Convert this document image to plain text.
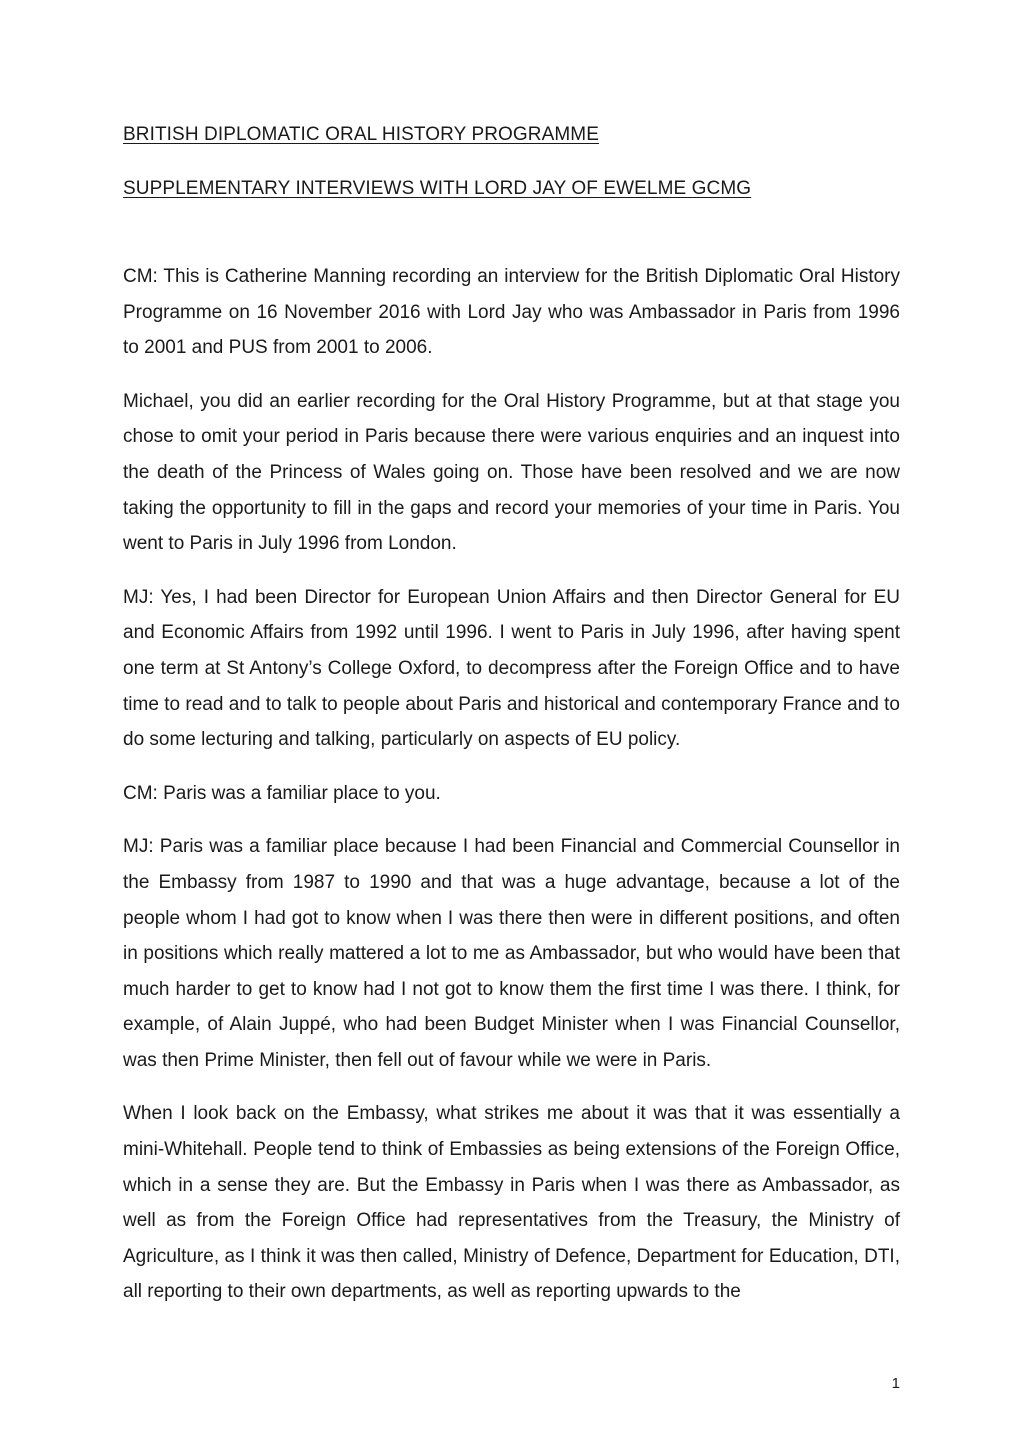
BRITISH DIPLOMATIC ORAL HISTORY PROGRAMME
SUPPLEMENTARY INTERVIEWS WITH LORD JAY OF EWELME GCMG

CM: This is Catherine Manning recording an interview for the British Diplomatic Oral History Programme on 16 November 2016 with Lord Jay who was Ambassador in Paris from 1996 to 2001 and PUS from 2001 to 2006.

Michael, you did an earlier recording for the Oral History Programme, but at that stage you chose to omit your period in Paris because there were various enquiries and an inquest into the death of the Princess of Wales going on. Those have been resolved and we are now taking the opportunity to fill in the gaps and record your memories of your time in Paris. You went to Paris in July 1996 from London.

MJ: Yes, I had been Director for European Union Affairs and then Director General for EU and Economic Affairs from 1992 until 1996. I went to Paris in July 1996, after having spent one term at St Antony’s College Oxford, to decompress after the Foreign Office and to have time to read and to talk to people about Paris and historical and contemporary France and to do some lecturing and talking, particularly on aspects of EU policy.

CM: Paris was a familiar place to you.

MJ: Paris was a familiar place because I had been Financial and Commercial Counsellor in the Embassy from 1987 to 1990 and that was a huge advantage, because a lot of the people whom I had got to know when I was there then were in different positions, and often in positions which really mattered a lot to me as Ambassador, but who would have been that much harder to get to know had I not got to know them the first time I was there. I think, for example, of Alain Juppé, who had been Budget Minister when I was Financial Counsellor, was then Prime Minister, then fell out of favour while we were in Paris.

When I look back on the Embassy, what strikes me about it was that it was essentially a mini-Whitehall. People tend to think of Embassies as being extensions of the Foreign Office, which in a sense they are. But the Embassy in Paris when I was there as Ambassador, as well as from the Foreign Office had representatives from the Treasury, the Ministry of Agriculture, as I think it was then called, Ministry of Defence, Department for Education, DTI, all reporting to their own departments, as well as reporting upwards to the

1
